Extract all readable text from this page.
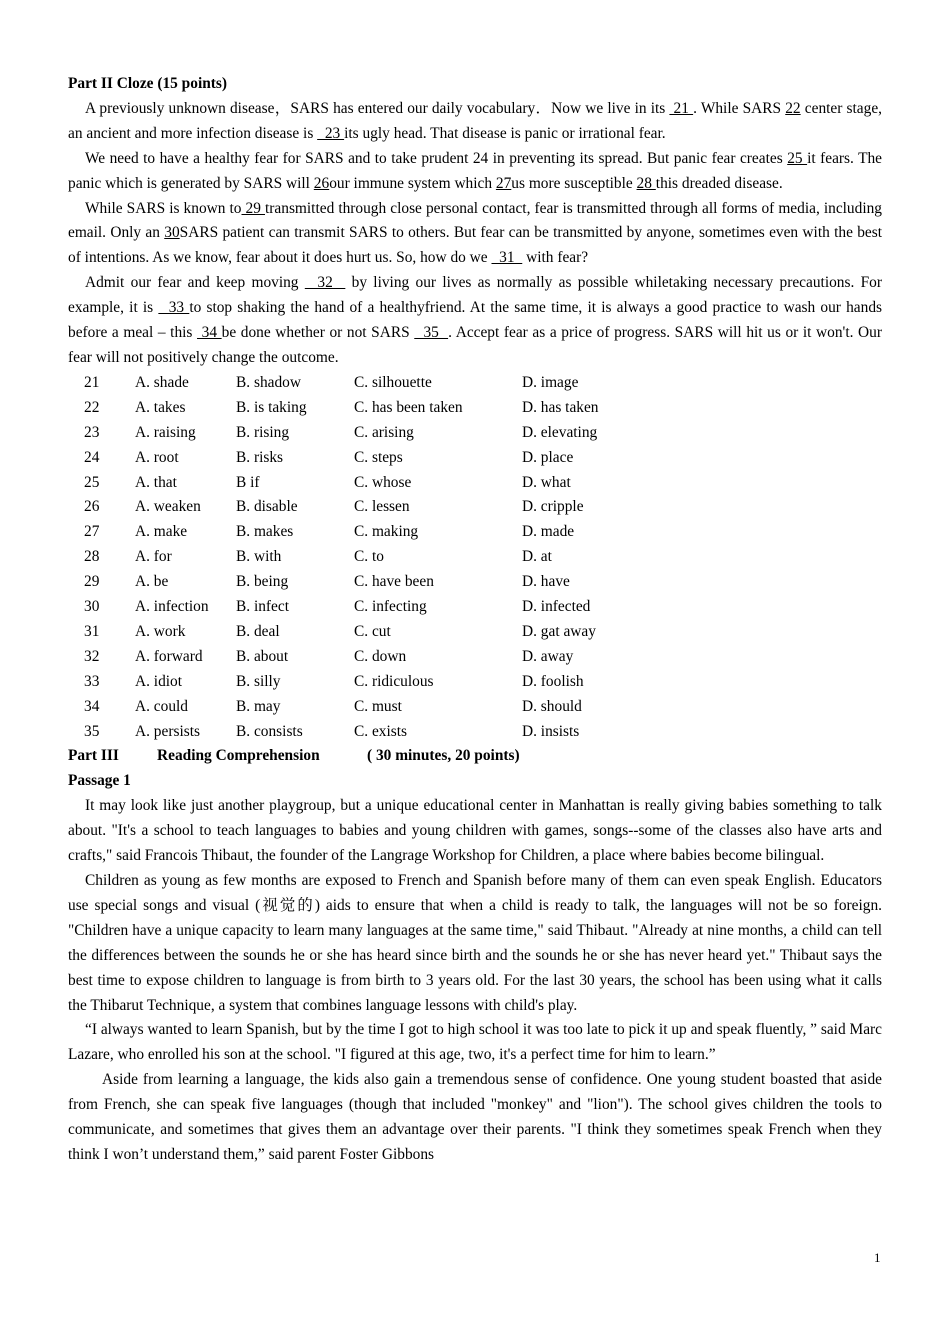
Part II Cloze (15 points)
A previously unknown disease，SARS has entered our daily vocabulary．Now we live in its  21 . While SARS 22 center stage, an ancient and more infection disease is   23 its ugly head. That disease is panic or irrational fear.
We need to have a healthy fear for SARS and to take prudent 24 in preventing its spread. But panic fear creates 25 it fears. The panic which is generated by SARS will 26our immune system which 27us more susceptible 28 this dreaded disease.
While SARS is known to 29 transmitted through close personal contact, fear is transmitted through all forms of media, including email. Only an 30SARS patient can transmit SARS to others. But fear can be transmitted by anyone, sometimes even with the best of intentions. As we know, fear about it does hurt us. So, how do we   31   with fear?
Admit our fear and keep moving   32   by living our lives as normally as possible whiletaking necessary precautions. For example, it is   33 to stop shaking the hand of a healthyfriend. At the same time, it is always a good practice to wash our hands before a meal – this  34 be done whether or not SARS   35  . Accept fear as a price of progress. SARS will hit us or it won't. Our fear will not positively change the outcome.
21	A. shade	B. shadow	C. silhouette	D. image
22	A. takes	B. is taking	C. has been taken	D. has taken
23	A. raising	B. rising	C. arising	D. elevating
24	A. root	B. risks	C. steps	D. place
25	A. that	B if	C. whose	D. what
26	A. weaken	B. disable	C. lessen	D. cripple
27	A. make	B. makes	C. making	D. made
28	A. for	B. with	C. to	D. at
29	A. be	B. being	C. have been	D. have
30	A. infection	B. infect	C. infecting	D. infected
31	A. work	B. deal	C. cut	D. gat away
32	A. forward	B. about	C. down	D. away
33	A. idiot	B. silly	C. ridiculous	D. foolish
34	A. could	B. may	C. must	D. should
35	A. persists	B. consists	C. exists	D. insists
Part III Reading Comprehension	( 30 minutes, 20 points)
Passage 1
It may look like just another playgroup, but a unique educational center in Manhattan is really giving babies something to talk about. "It's a school to teach languages to babies and young children with games, songs--some of the classes also have arts and crafts," said Francois Thibaut, the founder of the Langrage Workshop for Children, a place where babies become bilingual.
Children as young as few months are exposed to French and Spanish before many of them can even speak English. Educators use special songs and visual (视觉的) aids to ensure that when a child is ready to talk, the languages will not be so foreign. "Children have a unique capacity to learn many languages at the same time," said Thibaut. "Already at nine months, a child can tell the differences between the sounds he or she has heard since birth and the sounds he or she has never heard yet." Thibaut says the best time to expose children to language is from birth to 3 years old. For the last 30 years, the school has been using what it calls the Thibarut Technique, a system that combines language lessons with child's play.
“I always wanted to learn Spanish, but by the time I got to high school it was too late to pick it up and speak fluently, ” said Marc Lazare, who enrolled his son at the school. "I figured at this age, two, it's a perfect time for him to learn.”
Aside from learning a language, the kids also gain a tremendous sense of confidence. One young student boasted that aside from French, she can speak five languages (though that included "monkey" and "lion"). The school gives children the tools to communicate, and sometimes that gives them an advantage over their parents. "I think they sometimes speak French when they think I won’t understand them,” said parent Foster Gibbons
1
